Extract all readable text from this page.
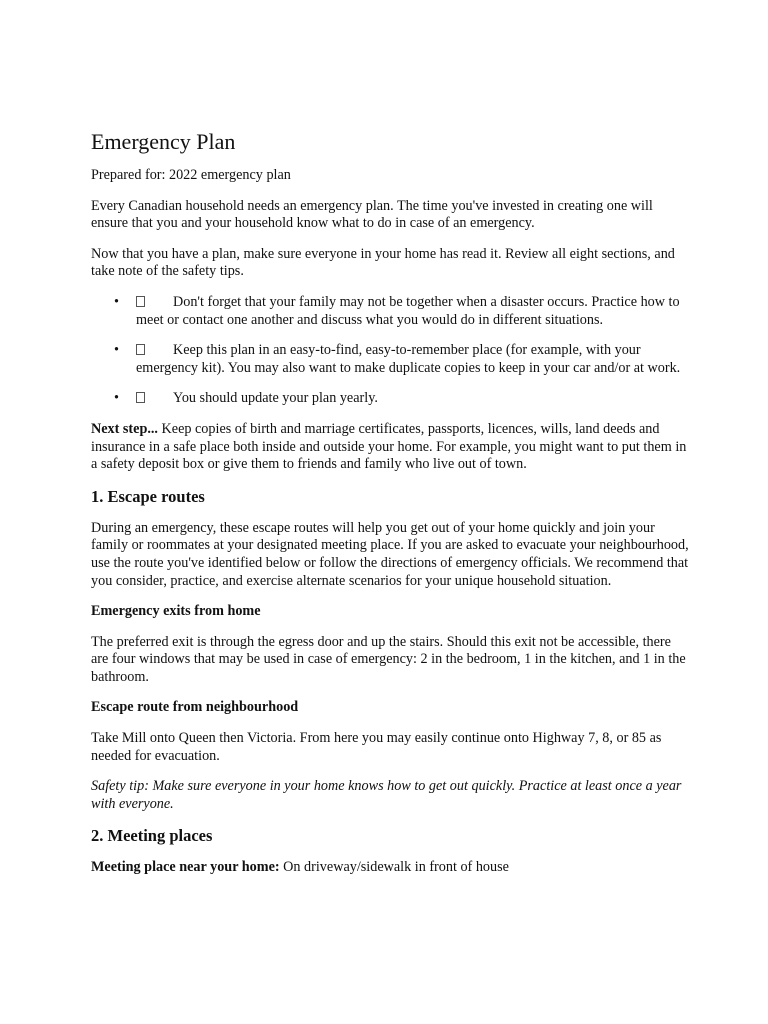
Emergency Plan

Prepared for: 2022 emergency plan

Every Canadian household needs an emergency plan. The time you've invested in creating one will ensure that you and your household know what to do in case of an emergency.

Now that you have a plan, make sure everyone in your home has read it. Review all eight sections, and take note of the safety tips.

•	Don't forget that your family may not be together when a disaster occurs. Practice how to meet or contact one another and discuss what you would do in different situations.
•	Keep this plan in an easy-to-find, easy-to-remember place (for example, with your emergency kit). You may also want to make duplicate copies to keep in your car and/or at work.
•	You should update your plan yearly.

Next step... Keep copies of birth and marriage certificates, passports, licences, wills, land deeds and insurance in a safe place both inside and outside your home. For example, you might want to put them in a safety deposit box or give them to friends and family who live out of town.

1. Escape routes

During an emergency, these escape routes will help you get out of your home quickly and join your family or roommates at your designated meeting place. If you are asked to evacuate your neighbourhood, use the route you've identified below or follow the directions of emergency officials. We recommend that you consider, practice, and exercise alternate scenarios for your unique household situation.

Emergency exits from home

The preferred exit is through the egress door and up the stairs. Should this exit not be accessible, there are four windows that may be used in case of emergency: 2 in the bedroom, 1 in the kitchen, and 1 in the bathroom.

Escape route from neighbourhood

Take Mill onto Queen then Victoria. From here you may easily continue onto Highway 7, 8, or 85 as needed for evacuation.

Safety tip: Make sure everyone in your home knows how to get out quickly. Practice at least once a year with everyone.

2. Meeting places

Meeting place near your home: On driveway/sidewalk in front of house
